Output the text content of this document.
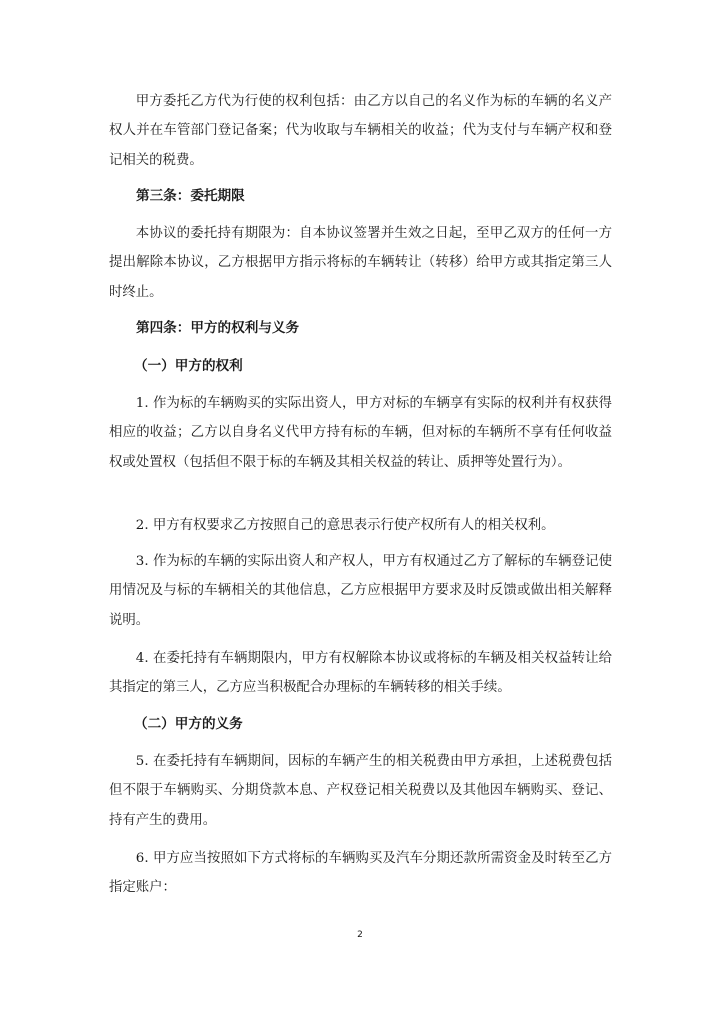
甲方委托乙方代为行使的权利包括：由乙方以自己的名义作为标的车辆的名义产权人并在车管部门登记备案；代为收取与车辆相关的收益；代为支付与车辆产权和登记相关的税费。

第三条：委托期限

本协议的委托持有期限为：自本协议签署并生效之日起，至甲乙双方的任何一方提出解除本协议，乙方根据甲方指示将标的车辆转让（转移）给甲方或其指定第三人时终止。

第四条：甲方的权利与义务

（一）甲方的权利

1. 作为标的车辆购买的实际出资人，甲方对标的车辆享有实际的权利并有权获得相应的收益；乙方以自身名义代甲方持有标的车辆，但对标的车辆所不享有任何收益权或处置权（包括但不限于标的车辆及其相关权益的转让、质押等处置行为）。

2. 甲方有权要求乙方按照自己的意思表示行使产权所有人的相关权利。

3. 作为标的车辆的实际出资人和产权人，甲方有权通过乙方了解标的车辆登记使用情况及与标的车辆相关的其他信息，乙方应根据甲方要求及时反馈或做出相关解释说明。

4. 在委托持有车辆期限内，甲方有权解除本协议或将标的车辆及相关权益转让给其指定的第三人，乙方应当积极配合办理标的车辆转移的相关手续。

（二）甲方的义务

5. 在委托持有车辆期间，因标的车辆产生的相关税费由甲方承担，上述税费包括但不限于车辆购买、分期贷款本息、产权登记相关税费以及其他因车辆购买、登记、持有产生的费用。

6. 甲方应当按照如下方式将标的车辆购买及汽车分期还款所需资金及时转至乙方指定账户：

2
